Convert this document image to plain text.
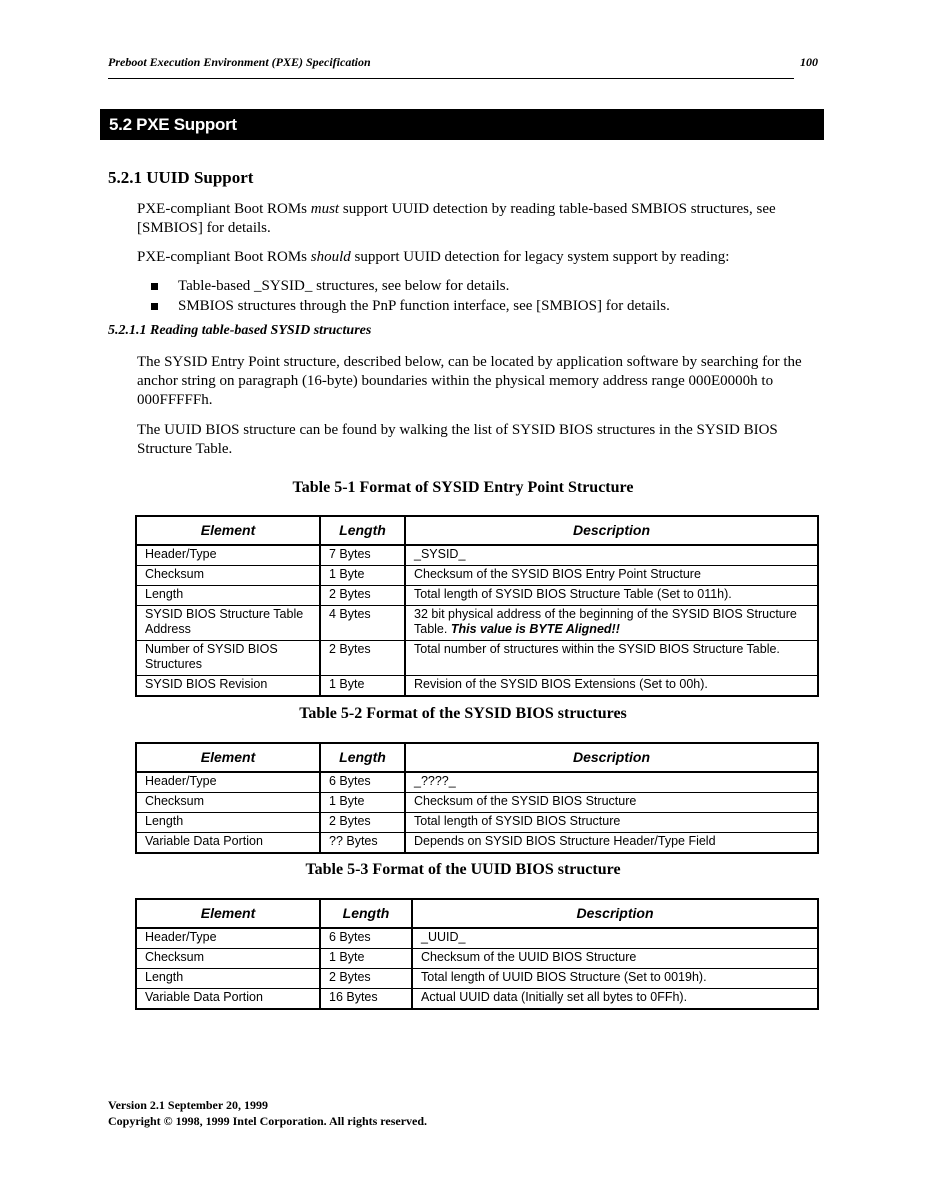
Preboot Execution Environment (PXE) Specification	100
5.2 PXE Support
5.2.1 UUID Support
PXE-compliant Boot ROMs must support UUID detection by reading table-based SMBIOS structures, see [SMBIOS] for details.
PXE-compliant Boot ROMs should support UUID detection for legacy system support by reading:
Table-based _SYSID_ structures, see below for details.
SMBIOS structures through the PnP function interface, see [SMBIOS] for details.
5.2.1.1 Reading table-based SYSID structures
The SYSID Entry Point structure, described below, can be located by application software by searching for the anchor string on paragraph (16-byte) boundaries within the physical memory address range 000E0000h to 000FFFFFh.
The UUID BIOS structure can be found by walking the list of SYSID BIOS structures in the SYSID BIOS Structure Table.
Table 5-1 Format of SYSID Entry Point Structure
Element	Length	Description
Header/Type	7 Bytes	_SYSID_
Checksum	1 Byte	Checksum of the SYSID BIOS Entry Point Structure
Length	2 Bytes	Total length of SYSID BIOS Structure Table (Set to 011h).
SYSID BIOS Structure Table Address	4 Bytes	32 bit physical address of the beginning of the SYSID BIOS Structure Table. This value is BYTE Aligned!!
Number of SYSID BIOS Structures	2 Bytes	Total number of structures within the SYSID BIOS Structure Table.
SYSID BIOS Revision	1 Byte	Revision of the SYSID BIOS Extensions (Set to 00h).
Table 5-2 Format of the SYSID BIOS structures
Element	Length	Description
Header/Type	6 Bytes	_????_
Checksum	1 Byte	Checksum of the SYSID BIOS Structure
Length	2 Bytes	Total length of SYSID BIOS Structure
Variable Data Portion	?? Bytes	Depends on SYSID BIOS Structure Header/Type Field
Table 5-3 Format of the UUID BIOS structure
Element	Length	Description
Header/Type	6 Bytes	_UUID_
Checksum	1 Byte	Checksum of the UUID BIOS Structure
Length	2 Bytes	Total length of UUID BIOS Structure (Set to 0019h).
Variable Data Portion	16 Bytes	Actual UUID data (Initially set all bytes to 0FFh).
Version 2.1 September 20, 1999
Copyright © 1998, 1999 Intel Corporation. All rights reserved.
